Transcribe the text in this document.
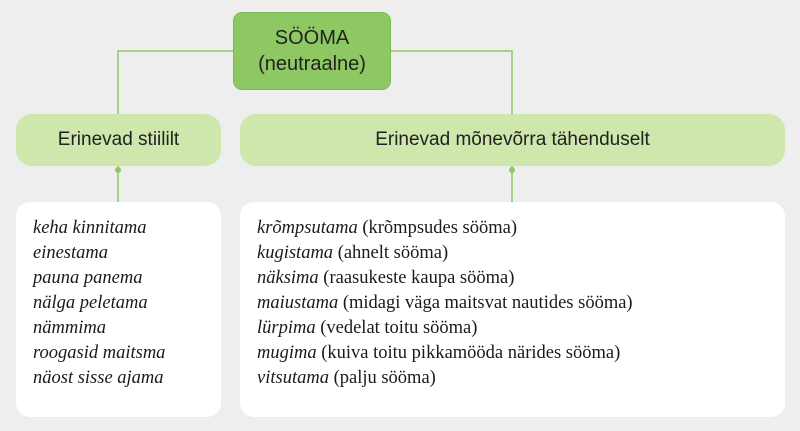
SÖÖMA
(neutraalne)
Erinevad stiililt	Erinevad mõnevõrra tähenduselt
keha kinnitama
einestama
pauna panema
nälga peletama
nämmima
roogasid maitsma
näost sisse ajama
krõmpsutama (krõmpsudes sööma)
kugistama (ahnelt sööma)
näksima (raasukeste kaupa sööma)
maiustama (midagi väga maitsvat nautides sööma)
lürpima (vedelat toitu sööma)
mugima (kuiva toitu pikkamööda närides sööma)
vitsutama (palju sööma)
